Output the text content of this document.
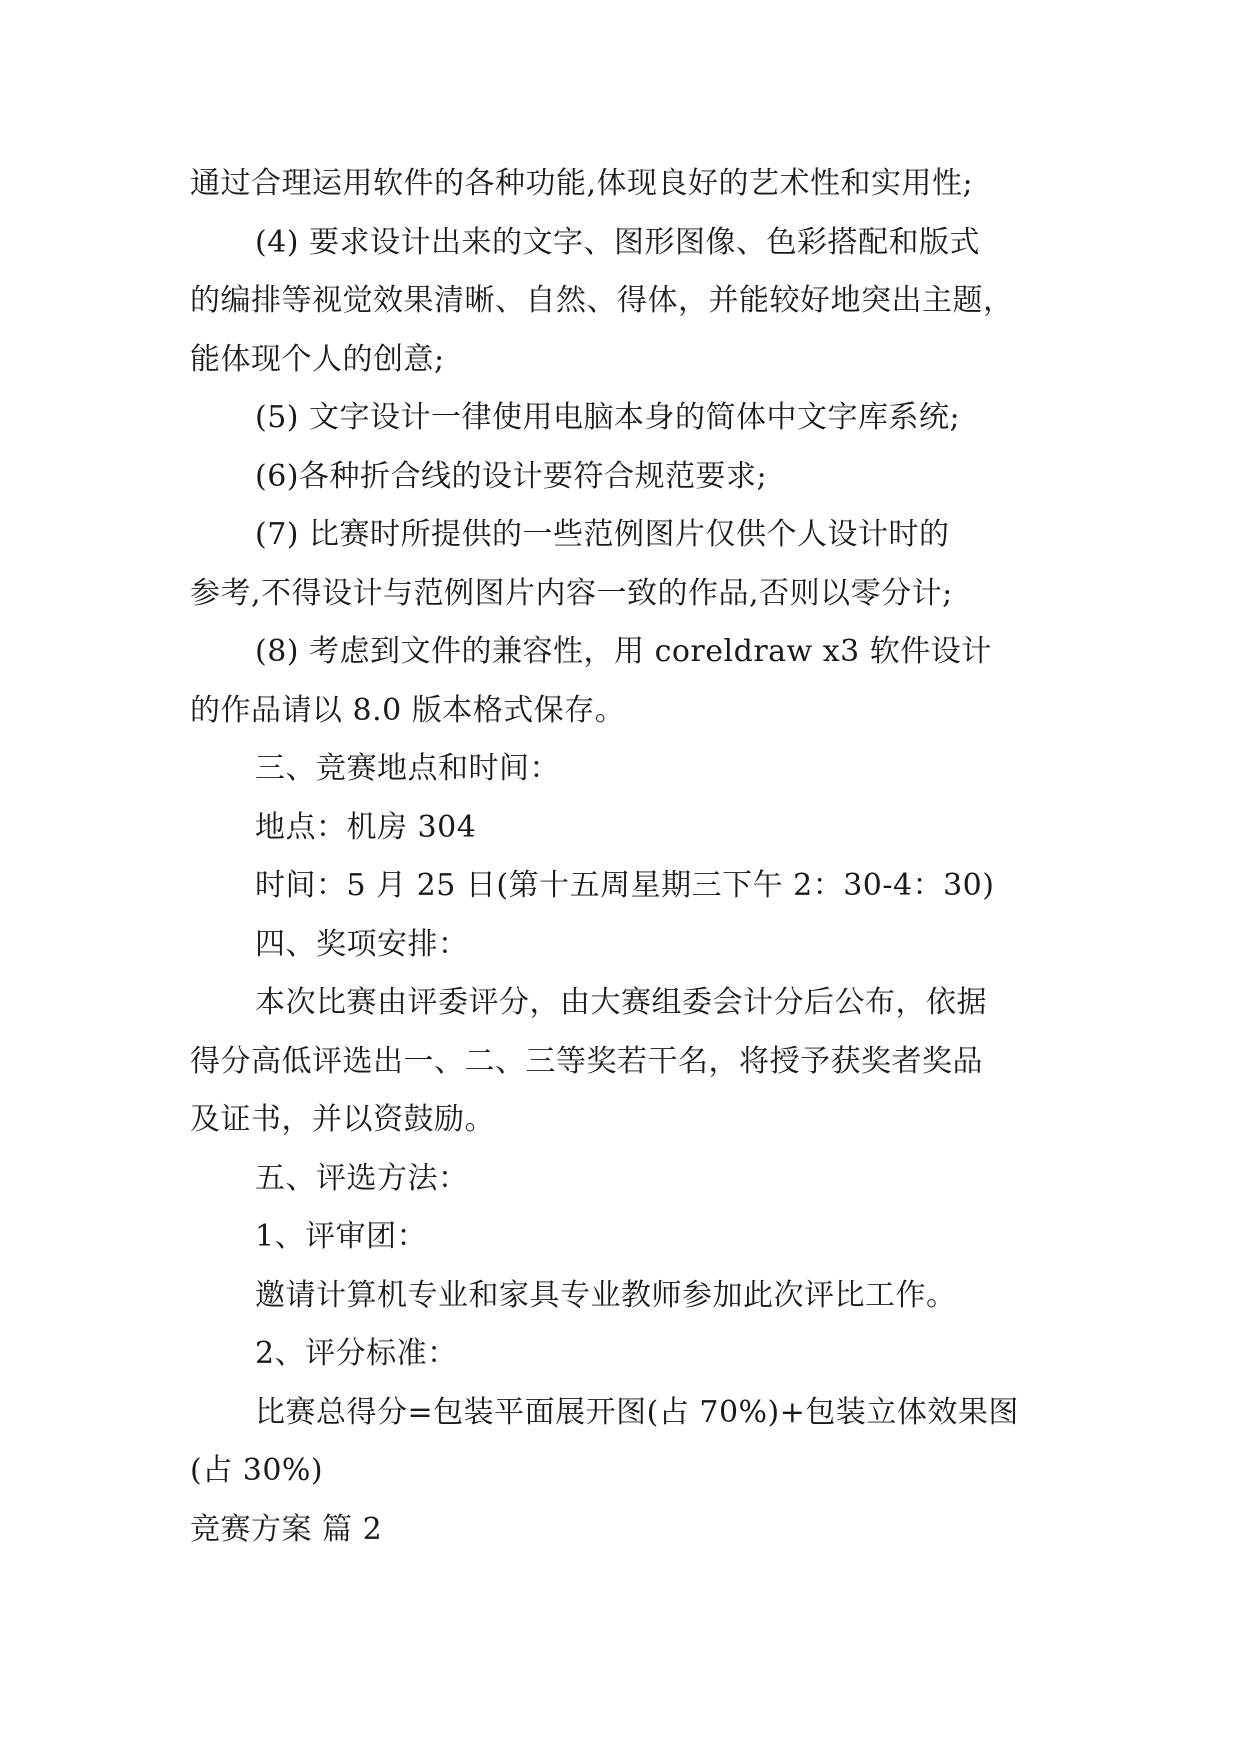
通过合理运用软件的各种功能,体现良好的艺术性和实用性;
(4) 要求设计出来的文字、图形图像、色彩搭配和版式
的编排等视觉效果清晰、自然、得体，并能较好地突出主题，
能体现个人的创意;
(5) 文字设计一律使用电脑本身的简体中文字库系统;
(6)各种折合线的设计要符合规范要求;
(7) 比赛时所提供的一些范例图片仅供个人设计时的
参考,不得设计与范例图片内容一致的作品,否则以零分计;
(8) 考虑到文件的兼容性，用 coreldraw x3 软件设计
的作品请以 8.0 版本格式保存。
三、竞赛地点和时间：
地点：机房 304
时间：5 月 25 日(第十五周星期三下午 2：30-4：30)
四、奖项安排：
本次比赛由评委评分，由大赛组委会计分后公布，依据
得分高低评选出一、二、三等奖若干名，将授予获奖者奖品
及证书，并以资鼓励。
五、评选方法：
1、评审团：
邀请计算机专业和家具专业教师参加此次评比工作。
2、评分标准：
比赛总得分=包装平面展开图(占 70%)+包装立体效果图
(占 30%)
竞赛方案 篇 2
